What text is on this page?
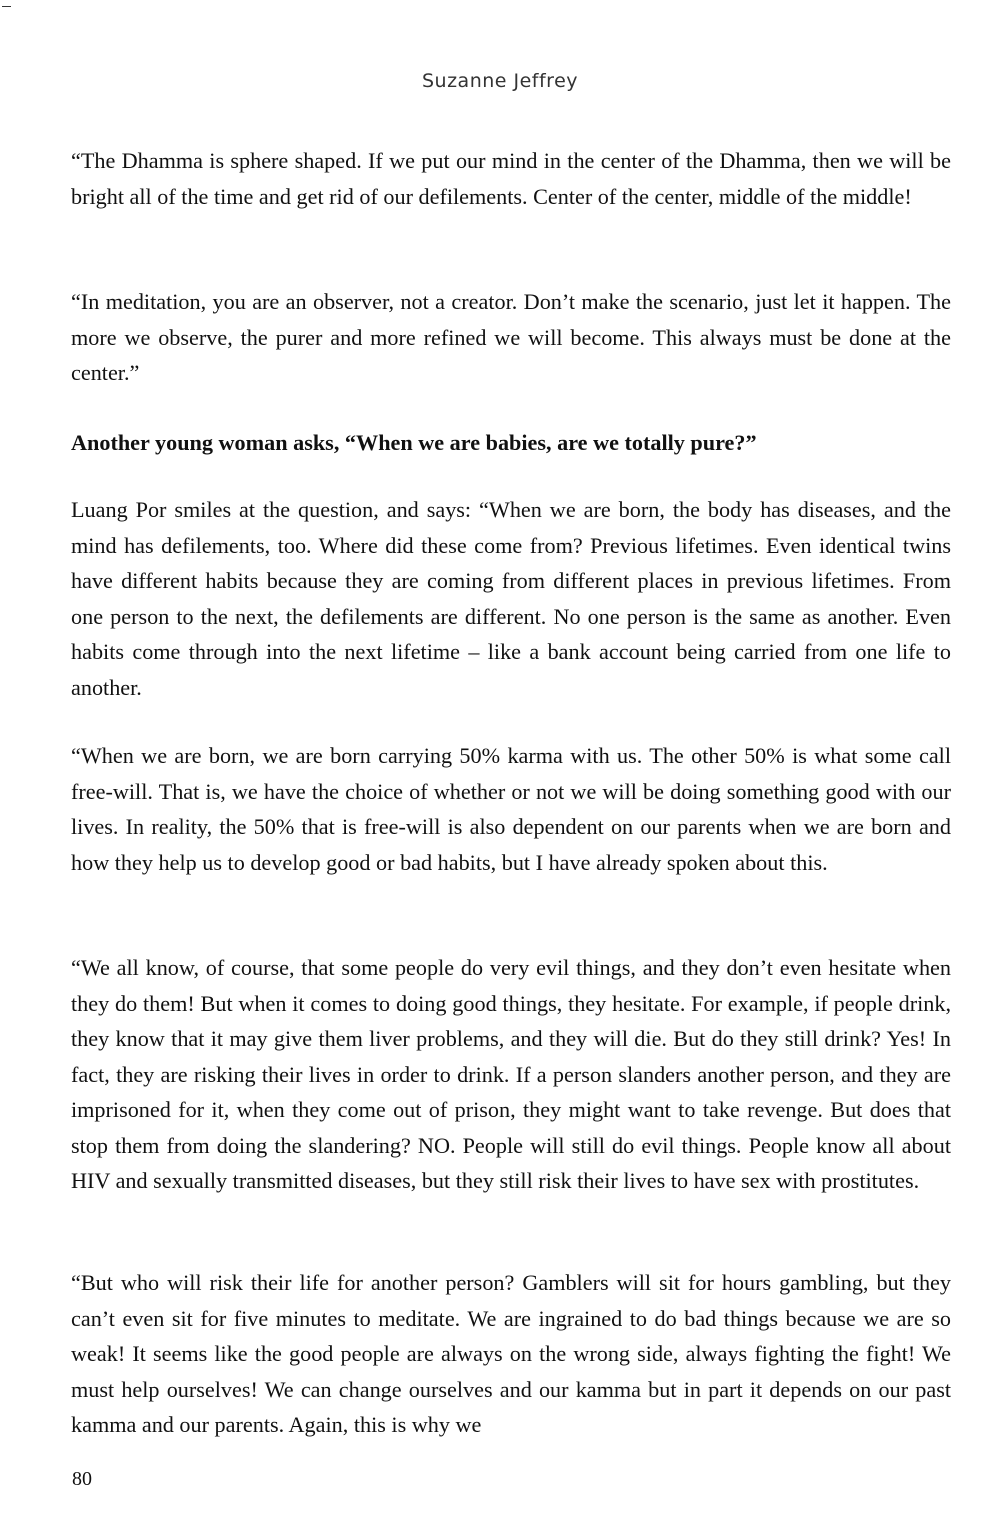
Suzanne Jeffrey

“The Dhamma is sphere shaped. If we put our mind in the center of the Dhamma, then we will be bright all of the time and get rid of our defilements. Center of the center, middle of the middle!

“In meditation, you are an observer, not a creator. Don’t make the scenario, just let it happen. The more we observe, the purer and more refined we will become. This always must be done at the center.”

Another young woman asks, “When we are babies, are we totally pure?”

Luang Por smiles at the question, and says: “When we are born, the body has diseases, and the mind has defilements, too. Where did these come from? Previous lifetimes. Even identical twins have different habits because they are coming from different places in previous lifetimes. From one person to the next, the defilements are different. No one person is the same as another. Even habits come through into the next lifetime – like a bank account being carried from one life to another.

“When we are born, we are born carrying 50% karma with us. The other 50% is what some call free-will. That is, we have the choice of whether or not we will be doing something good with our lives. In reality, the 50% that is free-will is also dependent on our parents when we are born and how they help us to develop good or bad habits, but I have already spoken about this.

“We all know, of course, that some people do very evil things, and they don’t even hesitate when they do them! But when it comes to doing good things, they hesitate. For example, if people drink, they know that it may give them liver problems, and they will die. But do they still drink? Yes! In fact, they are risking their lives in order to drink. If a person slanders another person, and they are imprisoned for it, when they come out of prison, they might want to take revenge. But does that stop them from doing the slandering? NO. People will still do evil things. People know all about HIV and sexually transmitted diseases, but they still risk their lives to have sex with prostitutes.

“But who will risk their life for another person? Gamblers will sit for hours gambling, but they can’t even sit for five minutes to meditate. We are ingrained to do bad things because we are so weak! It seems like the good people are always on the wrong side, always fighting the fight! We must help ourselves! We can change ourselves and our kamma but in part it depends on our past kamma and our parents. Again, this is why we

80
